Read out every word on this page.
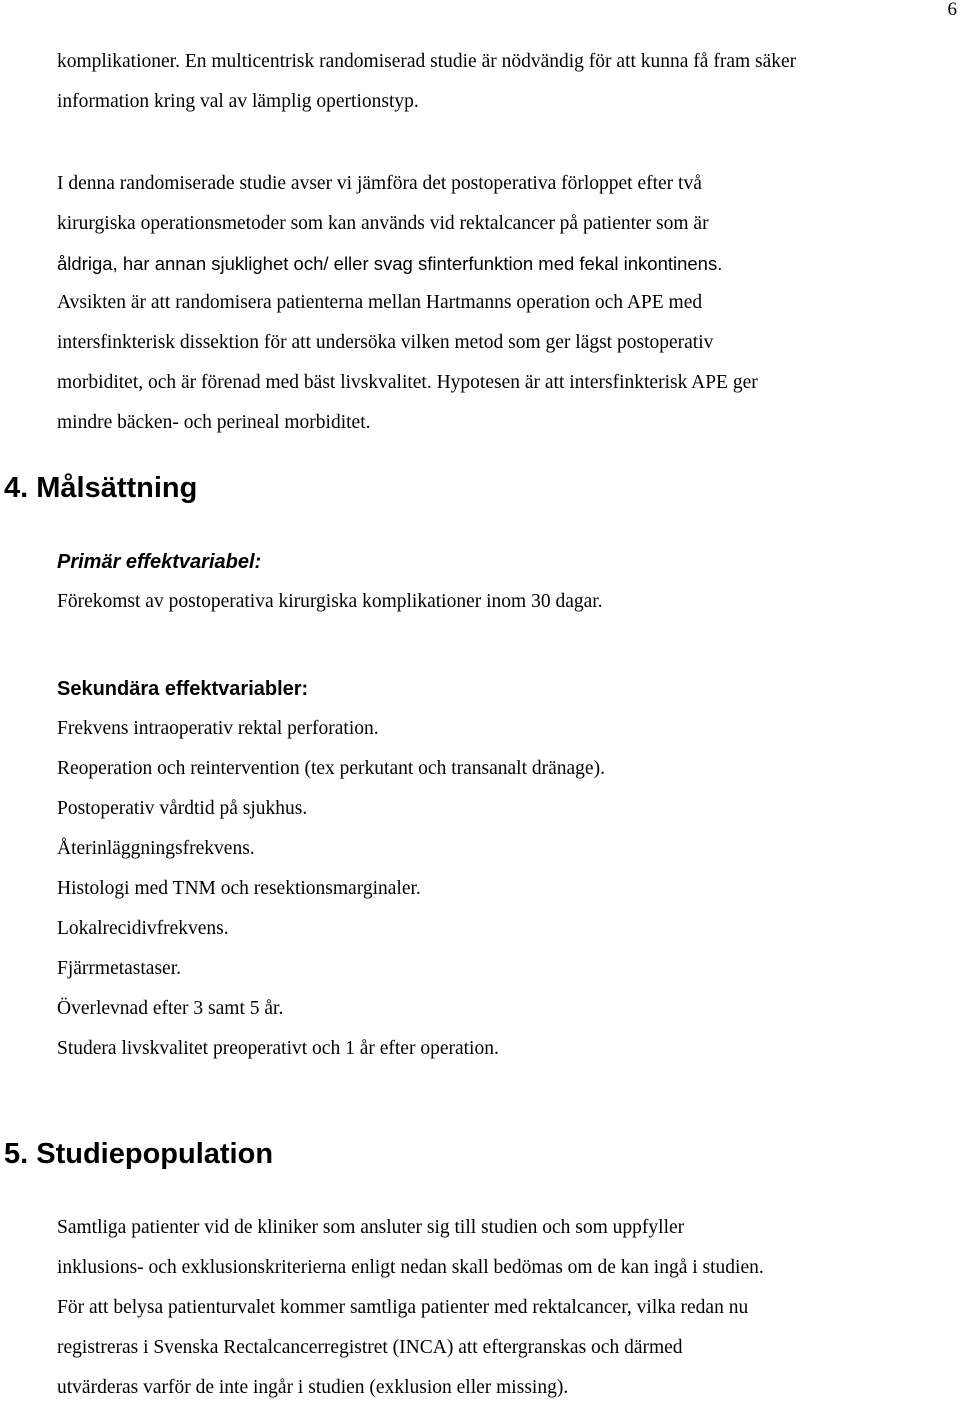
6
komplikationer. En multicentrisk randomiserad studie är nödvändig för att kunna få fram säker
information kring val av lämplig opertionstyp.
I denna randomiserade studie avser vi jämföra det postoperativa förloppet efter två
kirurgiska operationsmetoder som kan används vid rektalcancer på patienter som är
åldriga, har annan sjuklighet och/ eller svag sfinterfunktion med fekal inkontinens.
Avsikten är att randomisera patienterna mellan Hartmanns operation och APE med
intersfinkterisk dissektion för att undersöka vilken metod som ger lägst postoperativ
morbiditet, och är förenad med bäst livskvalitet. Hypotesen är att intersfinkterisk APE ger
mindre bäcken- och perineal morbiditet.
4. Målsättning
Primär effektvariabel:
Förekomst av postoperativa kirurgiska komplikationer inom 30 dagar.
Sekundära effektvariabler:
Frekvens intraoperativ rektal perforation.
Reoperation och reintervention (tex perkutant och transanalt dränage).
Postoperativ vårdtid på sjukhus.
Återinläggningsfrekvens.
Histologi med TNM och resektionsmarginaler.
Lokalrecidivfrekvens.
Fjärrmetastaser.
Överlevnad efter 3 samt 5 år.
Studera livskvalitet preoperativt och 1 år efter operation.
5. Studiepopulation
Samtliga patienter vid de kliniker som ansluter sig till studien och som uppfyller
inklusions- och exklusionskriterierna enligt nedan skall bedömas om de kan ingå i studien.
För att belysa patienturvalet kommer samtliga patienter med rektalcancer, vilka redan nu
registreras i Svenska Rectalcancerregistret (INCA) att eftergranskas och därmed
utvärderas varför de inte ingår i studien (exklusion eller missing).
